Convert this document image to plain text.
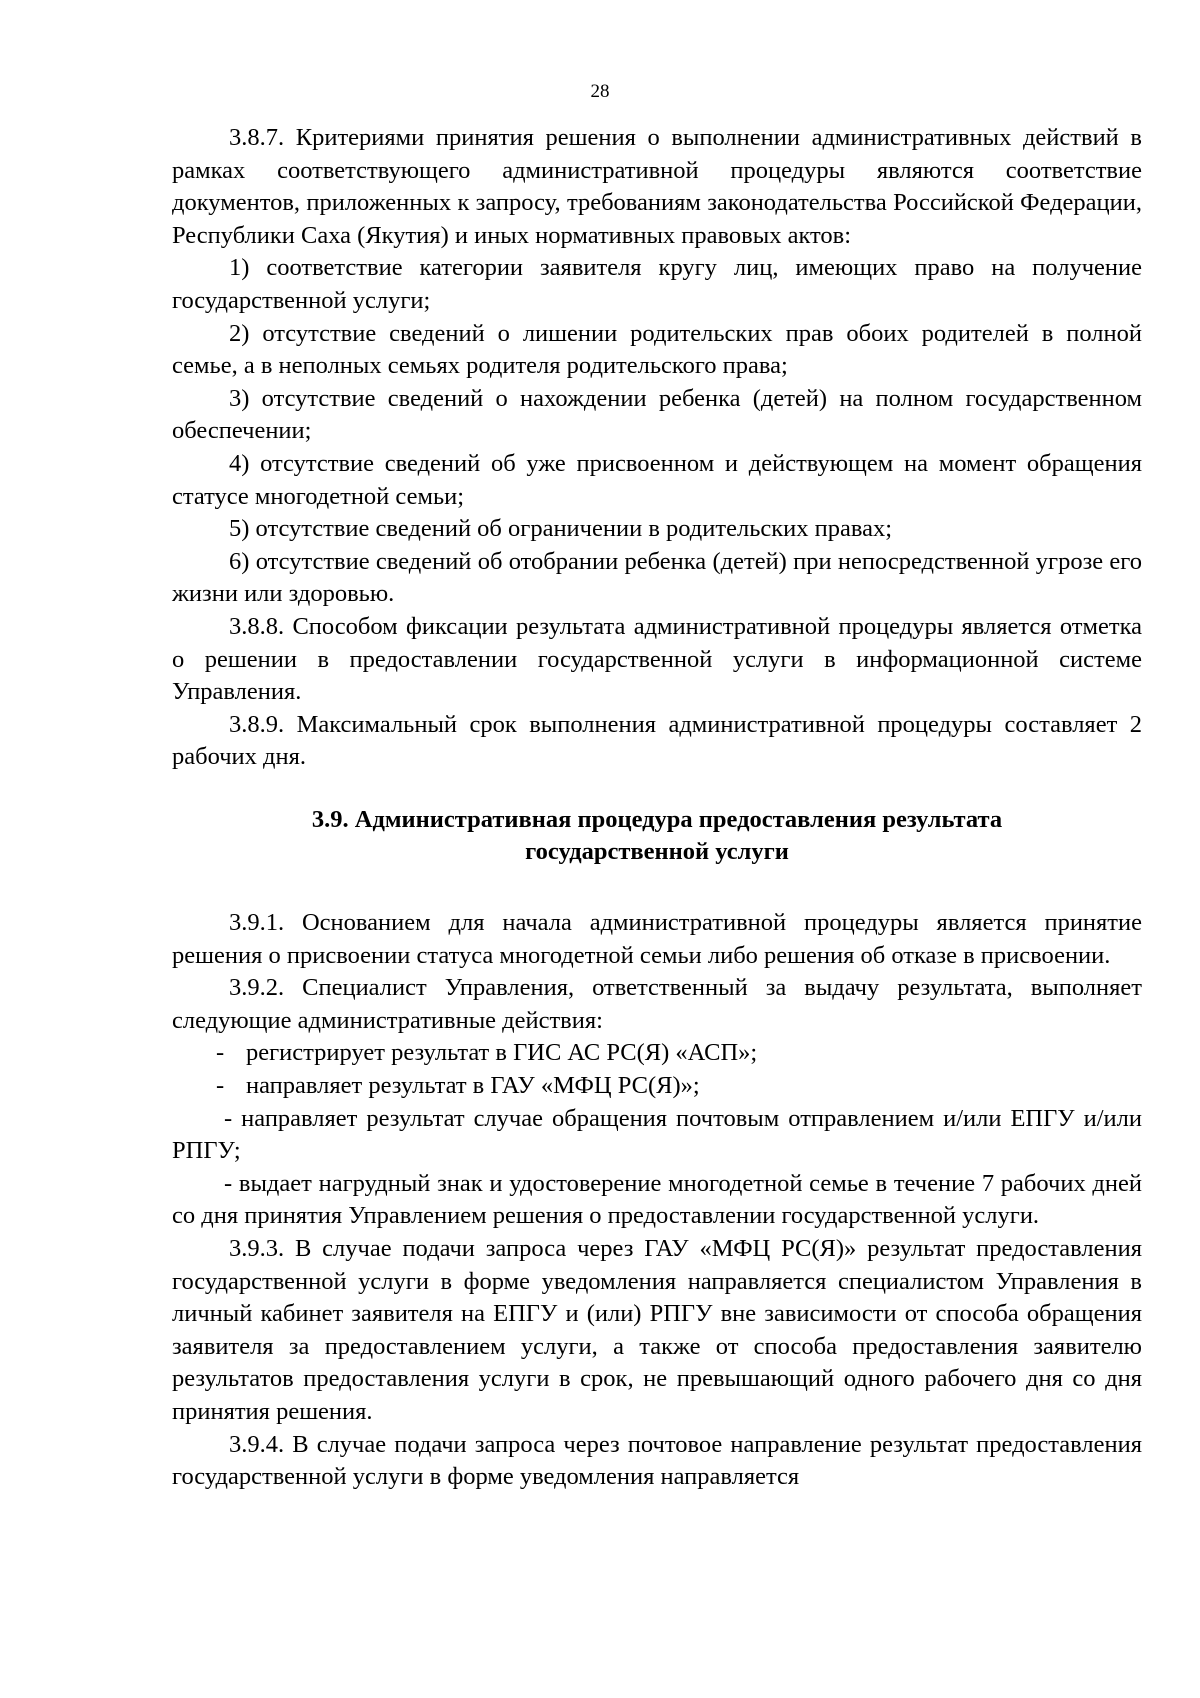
28

3.8.7. Критериями принятия решения о выполнении административных действий в рамках соответствующего административной процедуры являются соответствие документов, приложенных к запросу, требованиям законодательства Российской Федерации, Республики Саха (Якутия) и иных нормативных правовых актов:

1) соответствие категории заявителя кругу лиц, имеющих право на получение государственной услуги;

2) отсутствие сведений о лишении родительских прав обоих родителей в полной семье, а в неполных семьях родителя родительского права;

3) отсутствие сведений о нахождении ребенка (детей) на полном государственном обеспечении;

4) отсутствие сведений об уже присвоенном и действующем на момент обращения статусе многодетной семьи;

5) отсутствие сведений об ограничении в родительских правах;

6) отсутствие сведений об отобрании ребенка (детей) при непосредственной угрозе его жизни или здоровью.

3.8.8. Способом фиксации результата административной процедуры является отметка о решении в предоставлении государственной услуги в информационной системе Управления.

3.8.9. Максимальный срок выполнения административной процедуры составляет 2 рабочих дня.

3.9. Административная процедура предоставления результата
государственной услуги

3.9.1. Основанием для начала административной процедуры является принятие решения о присвоении статуса многодетной семьи либо решения об отказе в присвоении.

3.9.2. Специалист Управления, ответственный за выдачу результата, выполняет следующие административные действия:

- регистрирует результат в ГИС АС РС(Я) «АСП»;
- направляет результат в ГАУ «МФЦ РС(Я)»;

- направляет результат случае обращения почтовым отправлением и/или ЕПГУ и/или РПГУ;

- выдает нагрудный знак и удостоверение многодетной семье в течение 7 рабочих дней со дня принятия Управлением решения о предоставлении государственной услуги.

3.9.3. В случае подачи запроса через ГАУ «МФЦ РС(Я)» результат предоставления государственной услуги в форме уведомления направляется специалистом Управления в личный кабинет заявителя на ЕПГУ и (или) РПГУ вне зависимости от способа обращения заявителя за предоставлением услуги, а также от способа предоставления заявителю результатов предоставления услуги в срок, не превышающий одного рабочего дня со дня принятия решения.

3.9.4. В случае подачи запроса через почтовое направление результат предоставления государственной услуги в форме уведомления направляется
